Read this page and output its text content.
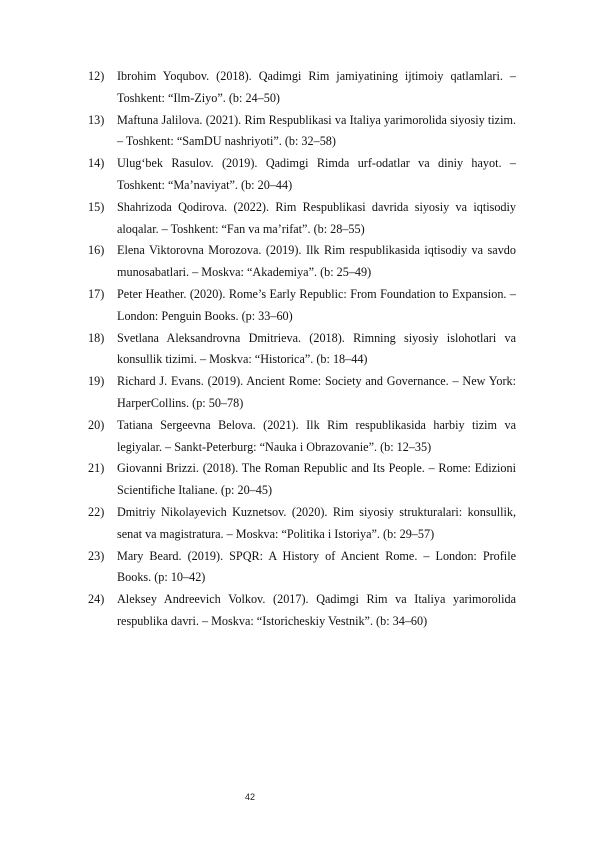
12) Ibrohim Yoqubov. (2018). Qadimgi Rim jamiyatining ijtimoiy qatlamlari. – Toshkent: “Ilm-Ziyo”. (b: 24–50)
13) Maftuna Jalilova. (2021). Rim Respublikasi va Italiya yarimorolida siyosiy tizim. – Toshkent: “SamDU nashriyoti”. (b: 32–58)
14) Ulug‘bek Rasulov. (2019). Qadimgi Rimda urf-odatlar va diniy hayot. – Toshkent: “Ma’naviyat”. (b: 20–44)
15) Shahrizoda Qodirova. (2022). Rim Respublikasi davrida siyosiy va iqtisodiy aloqalar. – Toshkent: “Fan va ma’rifat”. (b: 28–55)
16) Elena Viktorovna Morozova. (2019). Ilk Rim respublikasida iqtisodiy va savdo munosabatlari. – Moskva: “Akademiya”. (b: 25–49)
17) Peter Heather. (2020). Rome’s Early Republic: From Foundation to Expansion. – London: Penguin Books. (p: 33–60)
18) Svetlana Aleksandrovna Dmitrieva. (2018). Rimning siyosiy islohotlari va konsullik tizimi. – Moskva: “Historica”. (b: 18–44)
19) Richard J. Evans. (2019). Ancient Rome: Society and Governance. – New York: HarperCollins. (p: 50–78)
20) Tatiana Sergeevna Belova. (2021). Ilk Rim respublikasida harbiy tizim va legiyalar. – Sankt-Peterburg: “Nauka i Obrazovanie”. (b: 12–35)
21) Giovanni Brizzi. (2018). The Roman Republic and Its People. – Rome: Edizioni Scientifiche Italiane. (p: 20–45)
22) Dmitriy Nikolayevich Kuznetsov. (2020). Rim siyosiy strukturalari: konsullik, senat va magistratura. – Moskva: “Politika i Istoriya”. (b: 29–57)
23) Mary Beard. (2019). SPQR: A History of Ancient Rome. – London: Profile Books. (p: 10–42)
24) Aleksey Andreevich Volkov. (2017). Qadimgi Rim va Italiya yarimorolida respublika davri. – Moskva: “Istoricheskiy Vestnik”. (b: 34–60)
42
